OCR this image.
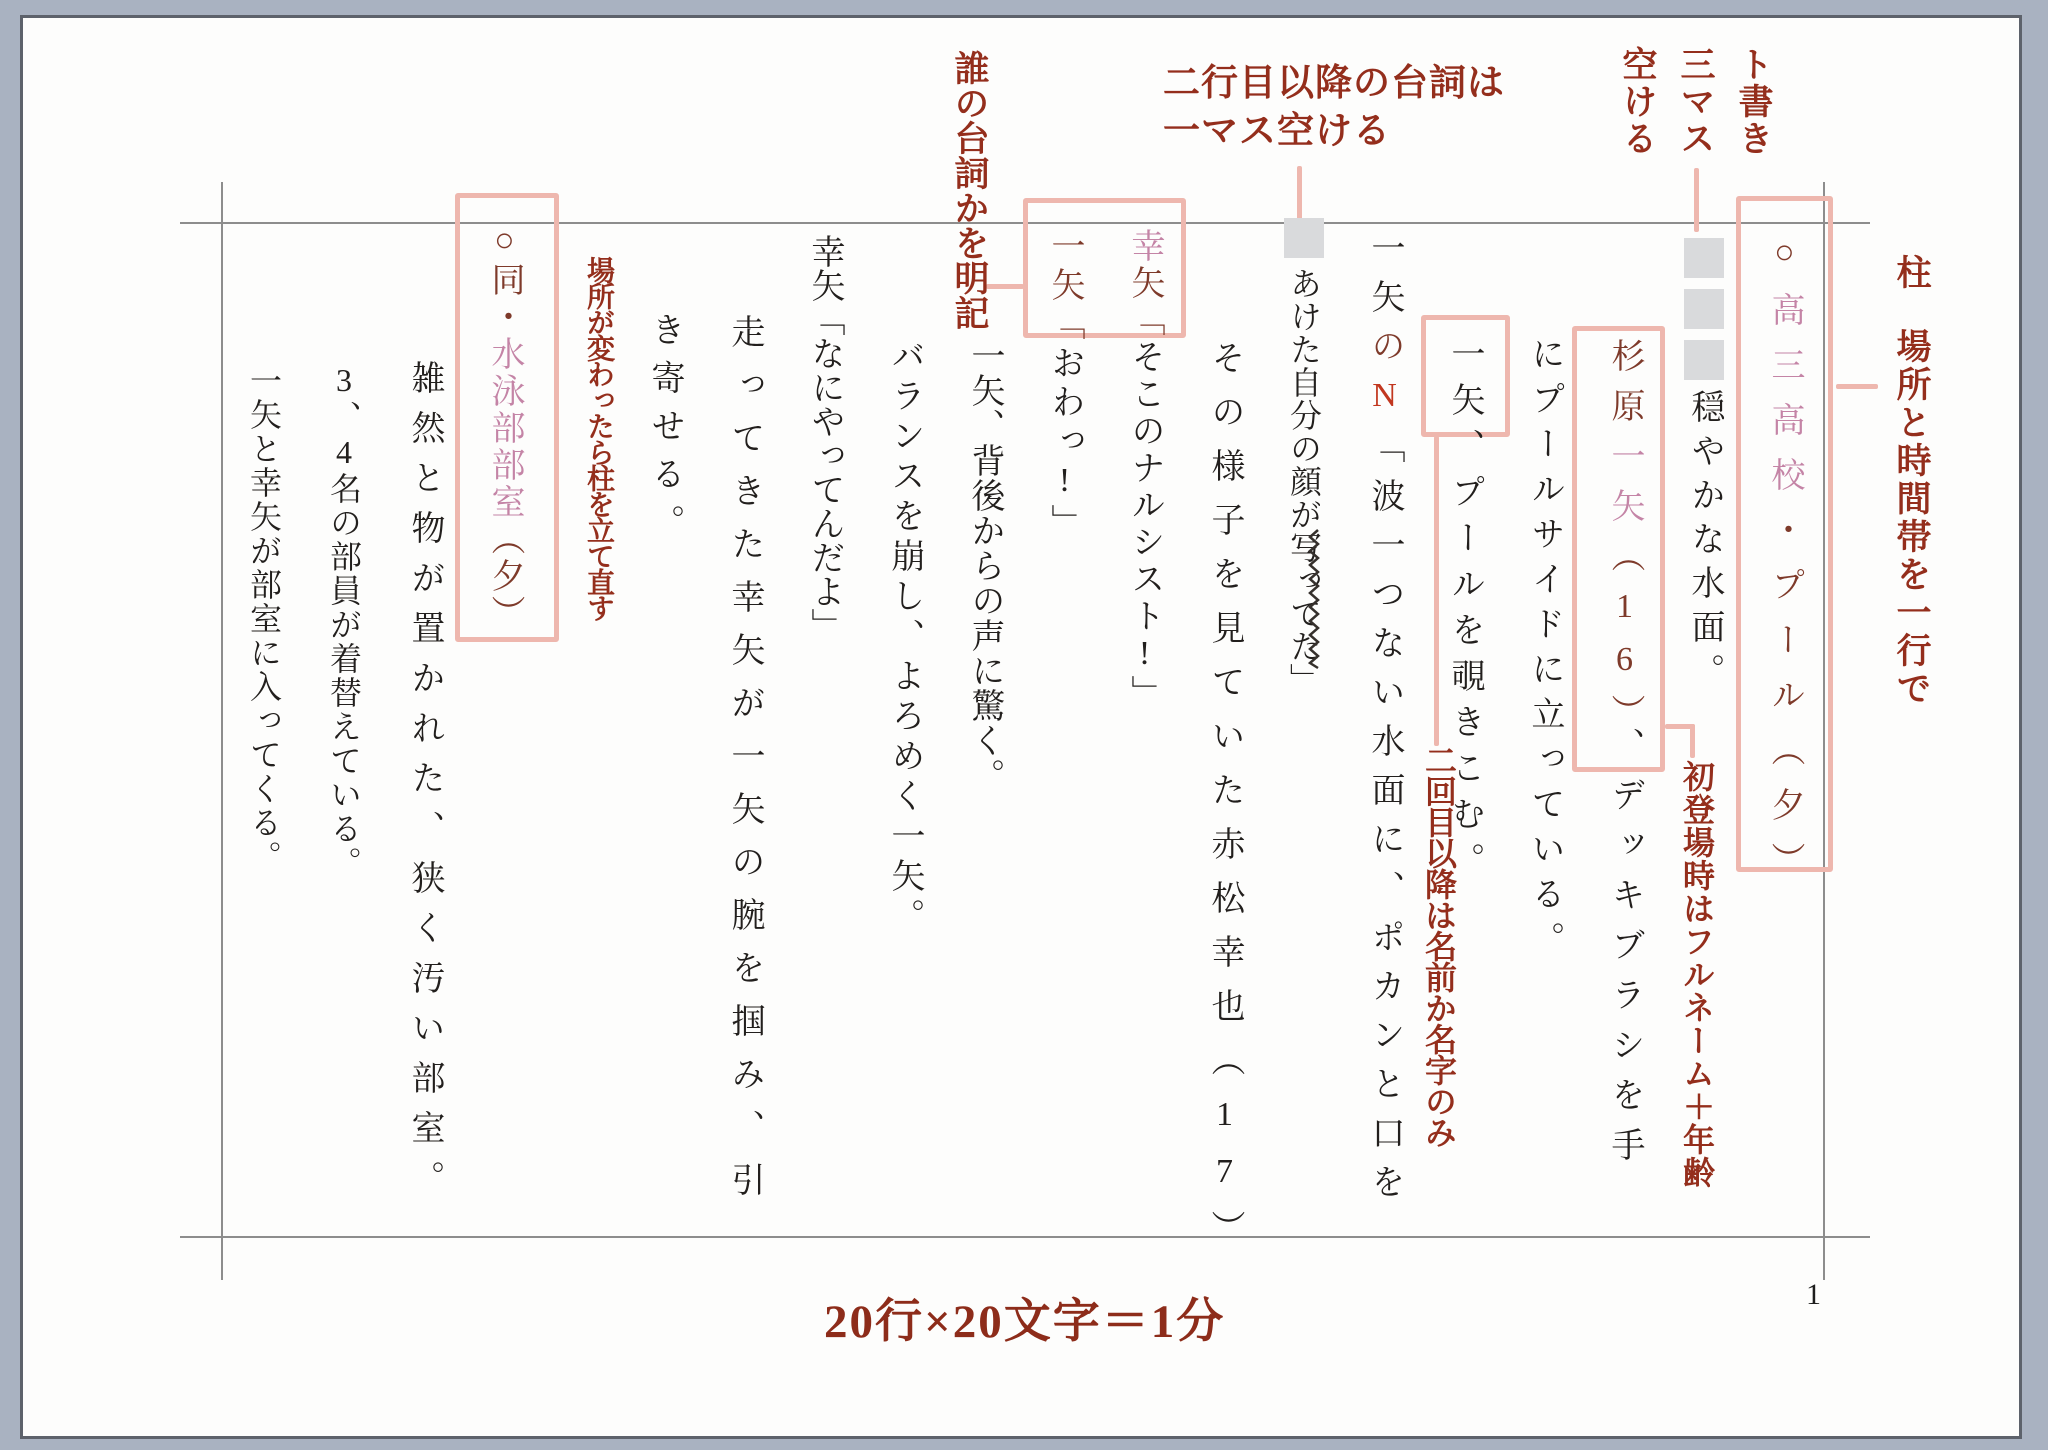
○高三高校・プール（夕）
穏やかな水面。
杉原一矢（16）、デッキブラシを手
にプールサイドに立っている。
一矢、プールを覗きこむ。
一矢のN「波一つない水面に、ポカンと口を
あけた自分の顔が写ってた」
その様子を見ていた赤松幸也（17）
幸矢「そこのナルシスト!」
一矢「おわっ!」
一矢、背後からの声に驚く。
バランスを崩し、よろめく一矢。
幸矢「なにやってんだよ」
走ってきた幸矢が一矢の腕を掴み、引
き寄せる。
○同・水泳部部室（夕）
雑然と物が置かれた、狭く汚い部室。
3、4名の部員が着替えている。
一矢と幸矢が部室に入ってくる。
ト書き
三マス
空ける
柱 場所と時間帯を一行で
二行目以降の台詞は
一マス空ける
誰の台詞かを明記
初登場時はフルネーム＋年齢
二回目以降は名前か名字のみ
場所が変わったら柱を立て直す
20行×20文字＝1分
1
